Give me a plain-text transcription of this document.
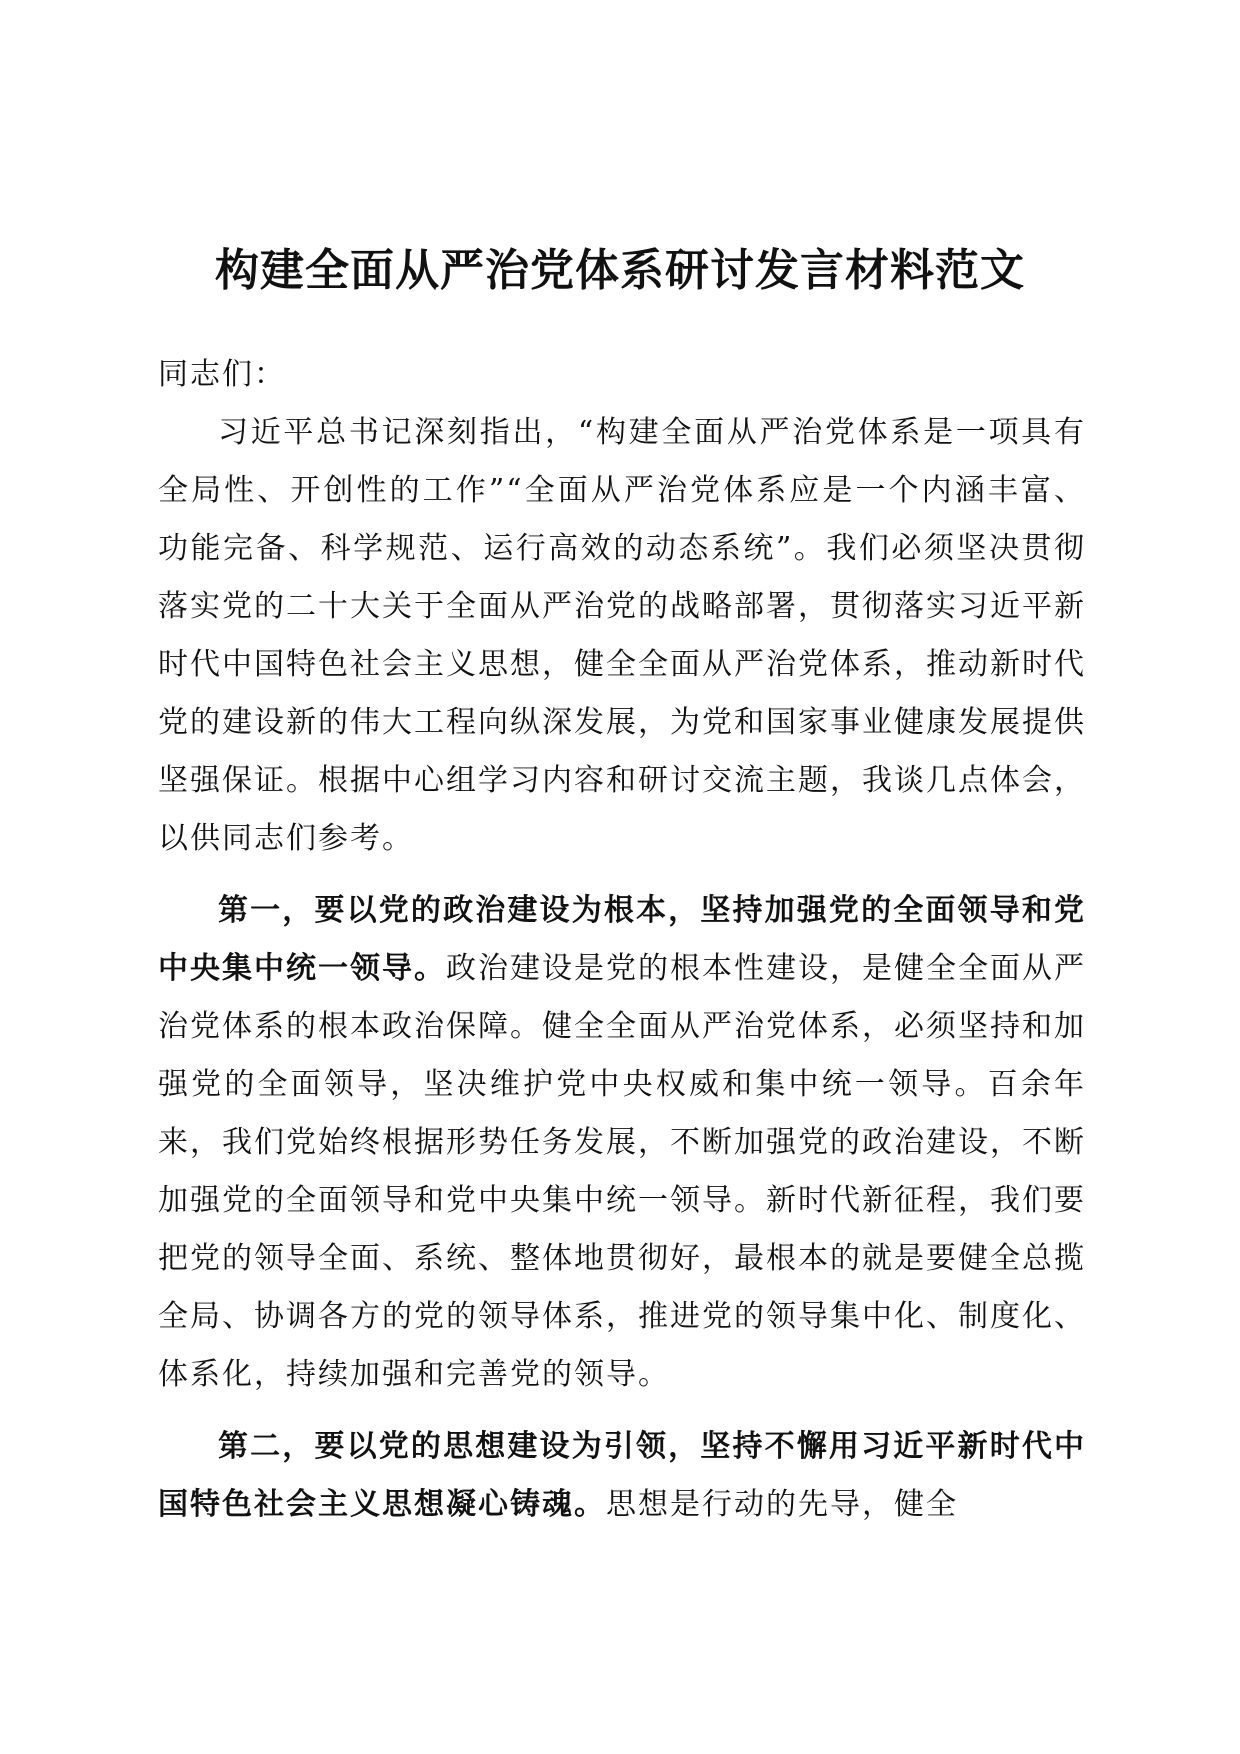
构建全面从严治党体系研讨发言材料范文

同志们：

习近平总书记深刻指出，“构建全面从严治党体系是一项具有全局性、开创性的工作”“全面从严治党体系应是一个内涵丰富、功能完备、科学规范、运行高效的动态系统”。我们必须坚决贯彻落实党的二十大关于全面从严治党的战略部署，贯彻落实习近平新时代中国特色社会主义思想，健全全面从严治党体系，推动新时代党的建设新的伟大工程向纵深发展，为党和国家事业健康发展提供坚强保证。根据中心组学习内容和研讨交流主题，我谈几点体会，以供同志们参考。

第一，要以党的政治建设为根本，坚持加强党的全面领导和党中央集中统一领导。政治建设是党的根本性建设，是健全全面从严治党体系的根本政治保障。健全全面从严治党体系，必须坚持和加强党的全面领导，坚决维护党中央权威和集中统一领导。百余年来，我们党始终根据形势任务发展，不断加强党的政治建设，不断加强党的全面领导和党中央集中统一领导。新时代新征程，我们要把党的领导全面、系统、整体地贯彻好，最根本的就是要健全总揽全局、协调各方的党的领导体系，推进党的领导集中化、制度化、体系化，持续加强和完善党的领导。

第二，要以党的思想建设为引领，坚持不懈用习近平新时代中国特色社会主义思想凝心铸魂。思想是行动的先导，健全
